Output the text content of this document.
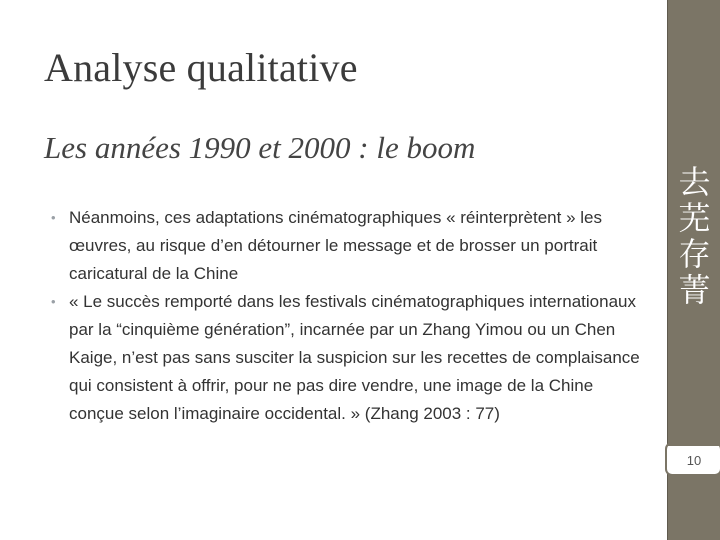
Analyse qualitative
Les années 1990 et 2000 : le boom
• Néanmoins, ces adaptations cinématographiques « réinterprètent » les œuvres, au risque d’en détourner le message et de brosser un portrait caricatural de la Chine
• « Le succès remporté dans les festivals cinématographiques internationaux par la “cinquième génération”, incarnée par un Zhang Yimou ou un Chen Kaige, n’est pas sans susciter la suspicion sur les recettes de complaisance qui consistent à offrir, pour ne pas dire vendre, une image de la Chine conçue selon l’imaginaire occidental. » (Zhang 2003 : 77)
去
芜
存
菁
10
